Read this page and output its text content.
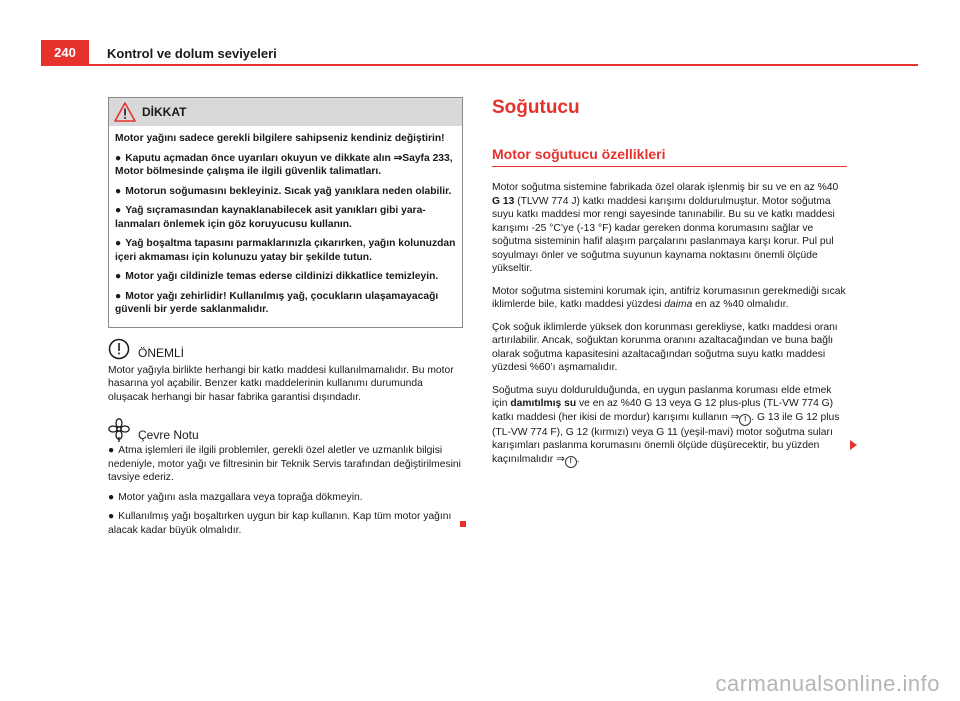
240	Kontrol ve dolum seviyeleri
DİKKAT

Motor yağını sadece gerekli bilgilere sahipseniz kendiniz değiştirin!

● Kaputu açmadan önce uyarıları okuyun ve dikkate alın ⇒Sayfa 233, Motor bölmesinde çalışma ile ilgili güvenlik talimatları.

● Motorun soğumasını bekleyiniz. Sıcak yağ yanıklara neden olabilir.

● Yağ sıçramasından kaynaklanabilecek asit yanıkları gibi yaralanmaları önlemek için göz koruyucusu kullanın.

● Yağ boşaltma tapasını parmaklarınızla çıkarırken, yağın kolunuzdan içeri akmaması için kolunuzu yatay bir şekilde tutun.

● Motor yağı cildinizle temas ederse cildinizi dikkatlice temizleyin.

● Motor yağı zehirlidir! Kullanılmış yağ, çocukların ulaşamayacağı güvenli bir yerde saklanmalıdır.

ÖNEMLİ

Motor yağıyla birlikte herhangi bir katkı maddesi kullanılmamalıdır. Bu motor hasarına yol açabilir. Benzer katkı maddelerinin kullanımı durumunda oluşacak herhangi bir hasar fabrika garantisi dışındadır.

Çevre Notu

● Atma işlemleri ile ilgili problemler, gerekli özel aletler ve uzmanlık bilgisi nedeniyle, motor yağı ve filtresinin bir Teknik Servis tarafından değiştirilmesini tavsiye ederiz.

● Motor yağını asla mazgallara veya toprağa dökmeyin.

● Kullanılmış yağı boşaltırken uygun bir kap kullanın. Kap tüm motor yağını alacak kadar büyük olmalıdır.

Soğutucu
Motor soğutucu özellikleri

Motor soğutma sistemine fabrikada özel olarak işlenmiş bir su ve en az %40 G 13 (TLVW 774 J) katkı maddesi karışımı doldurulmuştur. Motor soğutma suyu katkı maddesi mor rengi sayesinde tanınabilir. Bu su ve katkı maddesi karışımı -25 °C’ye (-13 °F) kadar gereken donma korumasını sağlar ve soğutma sisteminin hafif alaşım parçalarını paslanmaya karşı korur. Pul pul soyulmayı önler ve soğutma suyunun kaynama noktasını önemli ölçüde yükseltir.

Motor soğutma sistemini korumak için, antifriz korumasının gerekmediği sıcak iklimlerde bile, katkı maddesi yüzdesi daima en az %40 olmalıdır.

Çok soğuk iklimlerde yüksek don korunması gerekliyse, katkı maddesi oranı artırılabilir. Ancak, soğuktan korunma oranını azaltacağından ve buna bağlı olarak soğutma kapasitesini azaltacağından soğutma suyu katkı maddesi yüzdesi %60’ı aşmamalıdır.

Soğutma suyu doldurulduğunda, en uygun paslanma koruması elde etmek için damıtılmış su ve en az %40 G 13 veya G 12 plus-plus (TL-VW 774 G) katkı maddesi (her ikisi de mordur) karışımı kullanın ⇒ ! . G 13 ile G 12 plus (TL-VW 774 F), G 12 (kırmızı) veya G 11 (yeşil-mavi) motor soğutma suları karışımları paslanma korumasını önemli ölçüde düşürecektir, bu yüzden kaçınılmalıdır ⇒ ! .

carmanualsonline.info
